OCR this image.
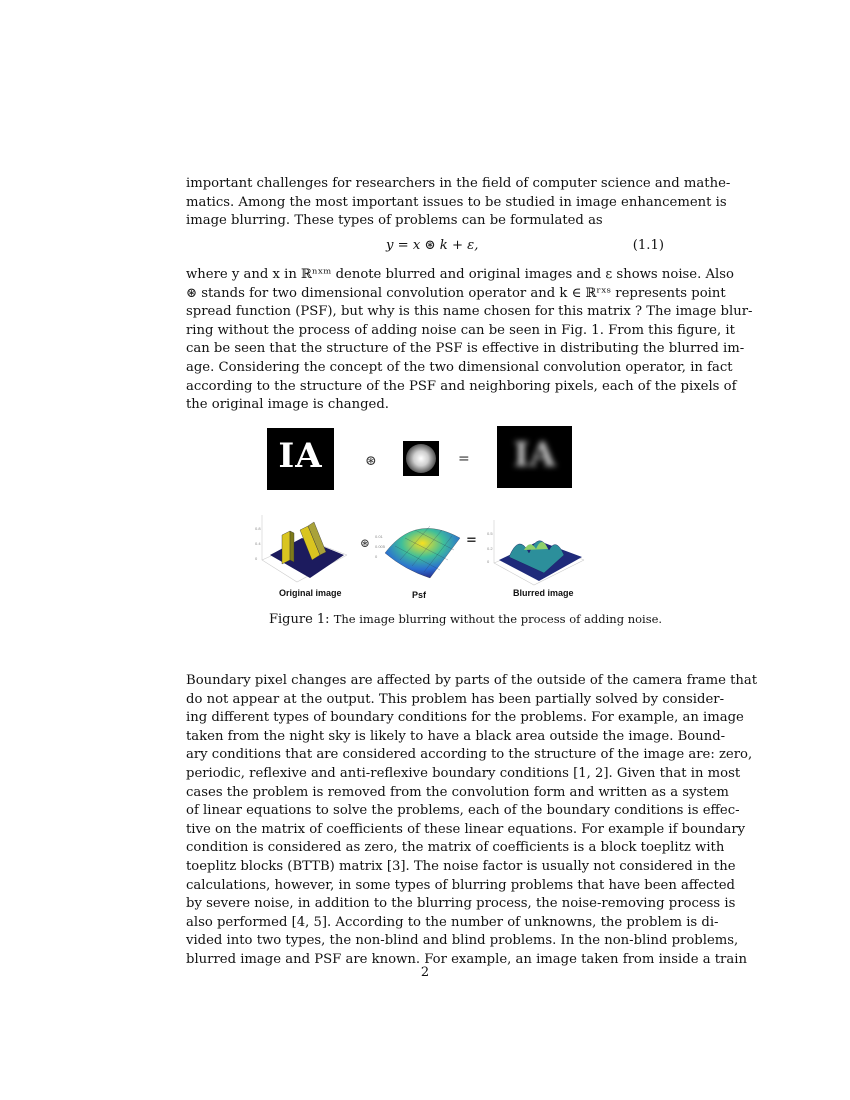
important challenges for researchers in the field of computer science and mathe-
matics. Among the most important issues to be studied in image enhancement is
image blurring. These types of problems can be formulated as
y = x ⊛ k + ε,	(1.1)
where y and x in ℝⁿˣᵐ denote blurred and original images and ε shows noise. Also
⊛ stands for two dimensional convolution operator and k ∈ ℝʳˣˢ represents point
spread function (PSF), but why is this name chosen for this matrix ? The image blur-
ring without the process of adding noise can be seen in Fig. 1. From this figure, it
can be seen that the structure of the PSF is effective in distributing the blurred im-
age. Considering the concept of the two dimensional convolution operator, in fact
according to the structure of the PSF and neighboring pixels, each of the pixels of
the original image is changed.
IA	⊛	=	IA
0.8
0.4
0
⊛ 0.01
0.005
0
=	0.5
0.2
0
Original image	Psf	Blurred image
Figure 1: The image blurring without the process of adding noise.
Boundary pixel changes are affected by parts of the outside of the camera frame that
do not appear at the output. This problem has been partially solved by consider-
ing different types of boundary conditions for the problems. For example, an image
taken from the night sky is likely to have a black area outside the image. Bound-
ary conditions that are considered according to the structure of the image are: zero,
periodic, reflexive and anti-reflexive boundary conditions [1, 2]. Given that in most
cases the problem is removed from the convolution form and written as a system
of linear equations to solve the problems, each of the boundary conditions is effec-
tive on the matrix of coefficients of these linear equations. For example if boundary
condition is considered as zero, the matrix of coefficients is a block toeplitz with
toeplitz blocks (BTTB) matrix [3]. The noise factor is usually not considered in the
calculations, however, in some types of blurring problems that have been affected
by severe noise, in addition to the blurring process, the noise-removing process is
also performed [4, 5]. According to the number of unknowns, the problem is di-
vided into two types, the non-blind and blind problems. In the non-blind problems,
blurred image and PSF are known. For example, an image taken from inside a train
2
